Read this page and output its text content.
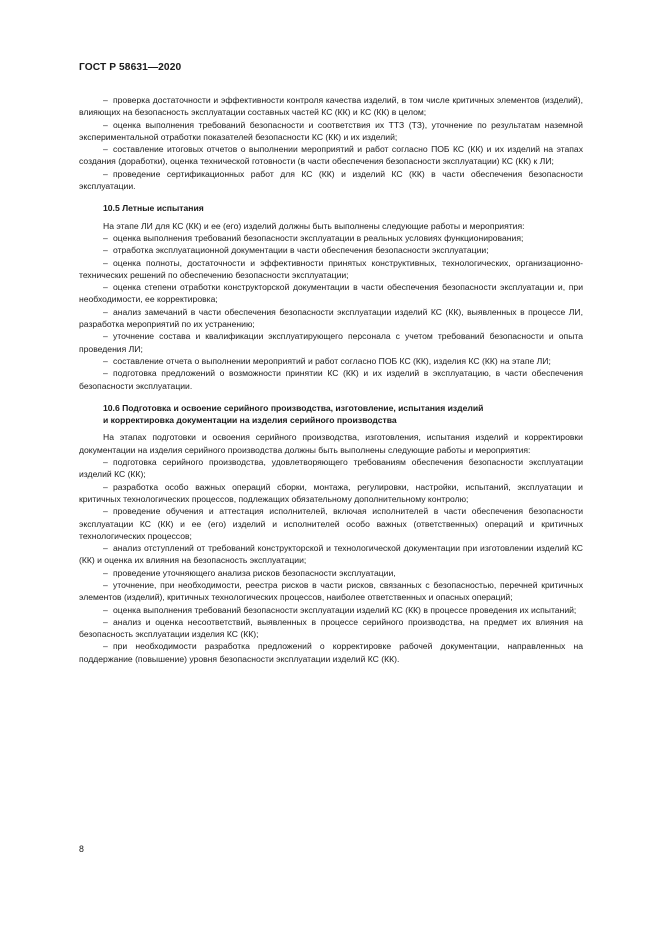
ГОСТ Р 58631—2020

– проверка достаточности и эффективности контроля качества изделий, в том числе критичных элементов (изделий), влияющих на безопасность эксплуатации составных частей КС (КК) и КС (КК) в целом;

– оценка выполнения требований безопасности и соответствия их ТТЗ (ТЗ), уточнение по результатам наземной экспериментальной отработки показателей безопасности КС (КК) и их изделий;

– составление итоговых отчетов о выполнении мероприятий и работ согласно ПОБ КС (КК) и их изделий на этапах создания (доработки), оценка технической готовности (в части обеспечения безопасности эксплуатации) КС (КК) к ЛИ;

– проведение сертификационных работ для КС (КК) и изделий КС (КК) в части обеспечения безопасности эксплуатации.

10.5 Летные испытания

На этапе ЛИ для КС (КК) и ее (его) изделий должны быть выполнены следующие работы и мероприятия:

– оценка выполнения требований безопасности эксплуатации в реальных условиях функционирования;

– отработка эксплуатационной документации в части обеспечения безопасности эксплуатации;

– оценка полноты, достаточности и эффективности принятых конструктивных, технологических, организационно-технических решений по обеспечению безопасности эксплуатации;

– оценка степени отработки конструкторской документации в части обеспечения безопасности эксплуатации и, при необходимости, ее корректировка;

– анализ замечаний в части обеспечения безопасности эксплуатации изделий КС (КК), выявленных в процессе ЛИ, разработка мероприятий по их устранению;

– уточнение состава и квалификации эксплуатирующего персонала с учетом требований безопасности и опыта проведения ЛИ;

– составление отчета о выполнении мероприятий и работ согласно ПОБ КС (КК), изделия КС (КК) на этапе ЛИ;

– подготовка предложений о возможности принятии КС (КК) и их изделий в эксплуатацию, в части обеспечения безопасности эксплуатации.

10.6 Подготовка и освоение серийного производства, изготовление, испытания изделий
и корректировка документации на изделия серийного производства

На этапах подготовки и освоения серийного производства, изготовления, испытания изделий и корректировки документации на изделия серийного производства должны быть выполнены следующие работы и мероприятия:

– подготовка серийного производства, удовлетворяющего требованиям обеспечения безопасности эксплуатации изделий КС (КК);

– разработка особо важных операций сборки, монтажа, регулировки, настройки, испытаний, эксплуатации и критичных технологических процессов, подлежащих обязательному дополнительному контролю;

– проведение обучения и аттестация исполнителей, включая исполнителей в части обеспечения безопасности эксплуатации КС (КК) и ее (его) изделий и исполнителей особо важных (ответственных) операций и критичных технологических процессов;

– анализ отступлений от требований конструкторской и технологической документации при изготовлении изделий КС (КК) и оценка их влияния на безопасность эксплуатации;

– проведение уточняющего анализа рисков безопасности эксплуатации,

– уточнение, при необходимости, реестра рисков в части рисков, связанных с безопасностью, перечней критичных элементов (изделий), критичных технологических процессов, наиболее ответственных и опасных операций;

– оценка выполнения требований безопасности эксплуатации изделий КС (КК) в процессе проведения их испытаний;

– анализ и оценка несоответствий, выявленных в процессе серийного производства, на предмет их влияния на безопасность эксплуатации изделия КС (КК);

– при необходимости разработка предложений о корректировке рабочей документации, направленных на поддержание (повышение) уровня безопасности эксплуатации изделий КС (КК).

8
